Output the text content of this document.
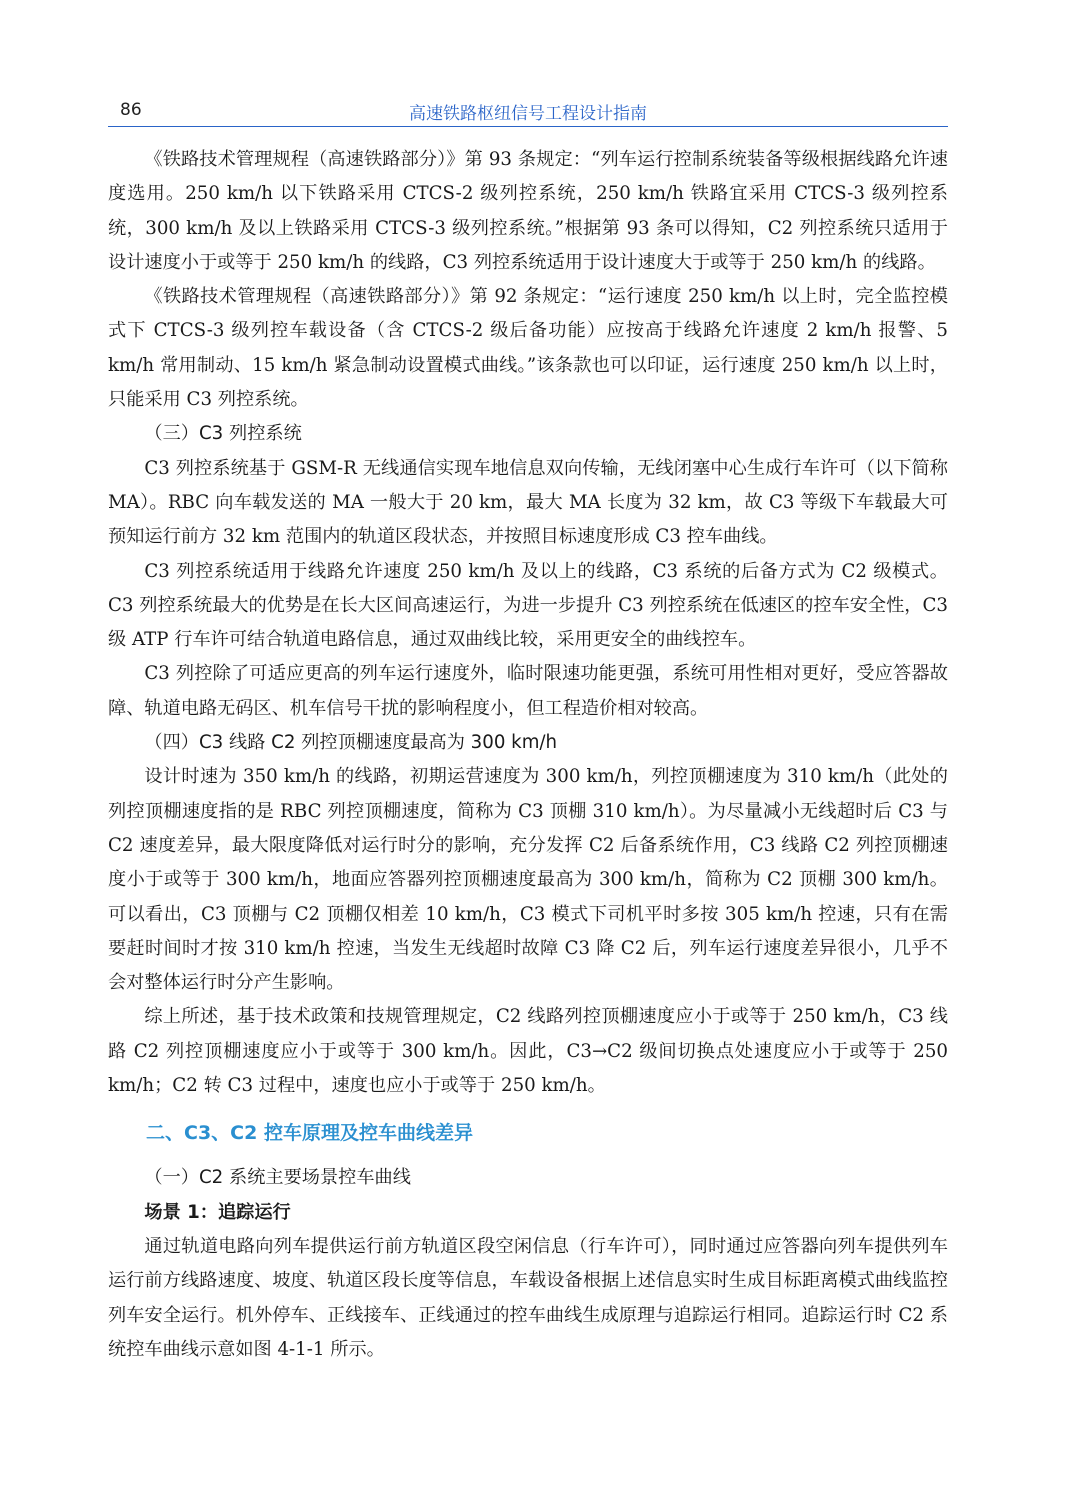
86	高速铁路枢纽信号工程设计指南

《铁路技术管理规程（高速铁路部分）》第 93 条规定：“列车运行控制系统装备等级根据线路允许速度选用。250 km/h 以下铁路采用 CTCS-2 级列控系统，250 km/h 铁路宜采用 CTCS-3 级列控系统，300 km/h 及以上铁路采用 CTCS-3 级列控系统。”根据第 93 条可以得知，C2 列控系统只适用于设计速度小于或等于 250 km/h 的线路，C3 列控系统适用于设计速度大于或等于 250 km/h 的线路。

《铁路技术管理规程（高速铁路部分）》第 92 条规定：“运行速度 250 km/h 以上时，完全监控模式下 CTCS-3 级列控车载设备（含 CTCS-2 级后备功能）应按高于线路允许速度 2 km/h 报警、5 km/h 常用制动、15 km/h 紧急制动设置模式曲线。”该条款也可以印证，运行速度 250 km/h 以上时，只能采用 C3 列控系统。

（三）C3 列控系统

C3 列控系统基于 GSM-R 无线通信实现车地信息双向传输，无线闭塞中心生成行车许可（以下简称 MA）。RBC 向车载发送的 MA 一般大于 20 km，最大 MA 长度为 32 km，故 C3 等级下车载最大可预知运行前方 32 km 范围内的轨道区段状态，并按照目标速度形成 C3 控车曲线。

C3 列控系统适用于线路允许速度 250 km/h 及以上的线路，C3 系统的后备方式为 C2 级模式。C3 列控系统最大的优势是在长大区间高速运行，为进一步提升 C3 列控系统在低速区的控车安全性，C3 级 ATP 行车许可结合轨道电路信息，通过双曲线比较，采用更安全的曲线控车。

C3 列控除了可适应更高的列车运行速度外，临时限速功能更强，系统可用性相对更好，受应答器故障、轨道电路无码区、机车信号干扰的影响程度小，但工程造价相对较高。

（四）C3 线路 C2 列控顶棚速度最高为 300 km/h

设计时速为 350 km/h 的线路，初期运营速度为 300 km/h，列控顶棚速度为 310 km/h（此处的列控顶棚速度指的是 RBC 列控顶棚速度，简称为 C3 顶棚 310 km/h）。为尽量减小无线超时后 C3 与 C2 速度差异，最大限度降低对运行时分的影响，充分发挥 C2 后备系统作用，C3 线路 C2 列控顶棚速度小于或等于 300 km/h，地面应答器列控顶棚速度最高为 300 km/h，简称为 C2 顶棚 300 km/h。可以看出，C3 顶棚与 C2 顶棚仅相差 10 km/h，C3 模式下司机平时多按 305 km/h 控速，只有在需要赶时间时才按 310 km/h 控速，当发生无线超时故障 C3 降 C2 后，列车运行速度差异很小，几乎不会对整体运行时分产生影响。

综上所述，基于技术政策和技规管理规定，C2 线路列控顶棚速度应小于或等于 250 km/h，C3 线路 C2 列控顶棚速度应小于或等于 300 km/h。因此，C3→C2 级间切换点处速度应小于或等于 250 km/h；C2 转 C3 过程中，速度也应小于或等于 250 km/h。

二、C3、C2 控车原理及控车曲线差异

（一）C2 系统主要场景控车曲线

场景 1：追踪运行

通过轨道电路向列车提供运行前方轨道区段空闲信息（行车许可），同时通过应答器向列车提供列车运行前方线路速度、坡度、轨道区段长度等信息，车载设备根据上述信息实时生成目标距离模式曲线监控列车安全运行。机外停车、正线接车、正线通过的控车曲线生成原理与追踪运行相同。追踪运行时 C2 系统控车曲线示意如图 4-1-1 所示。
